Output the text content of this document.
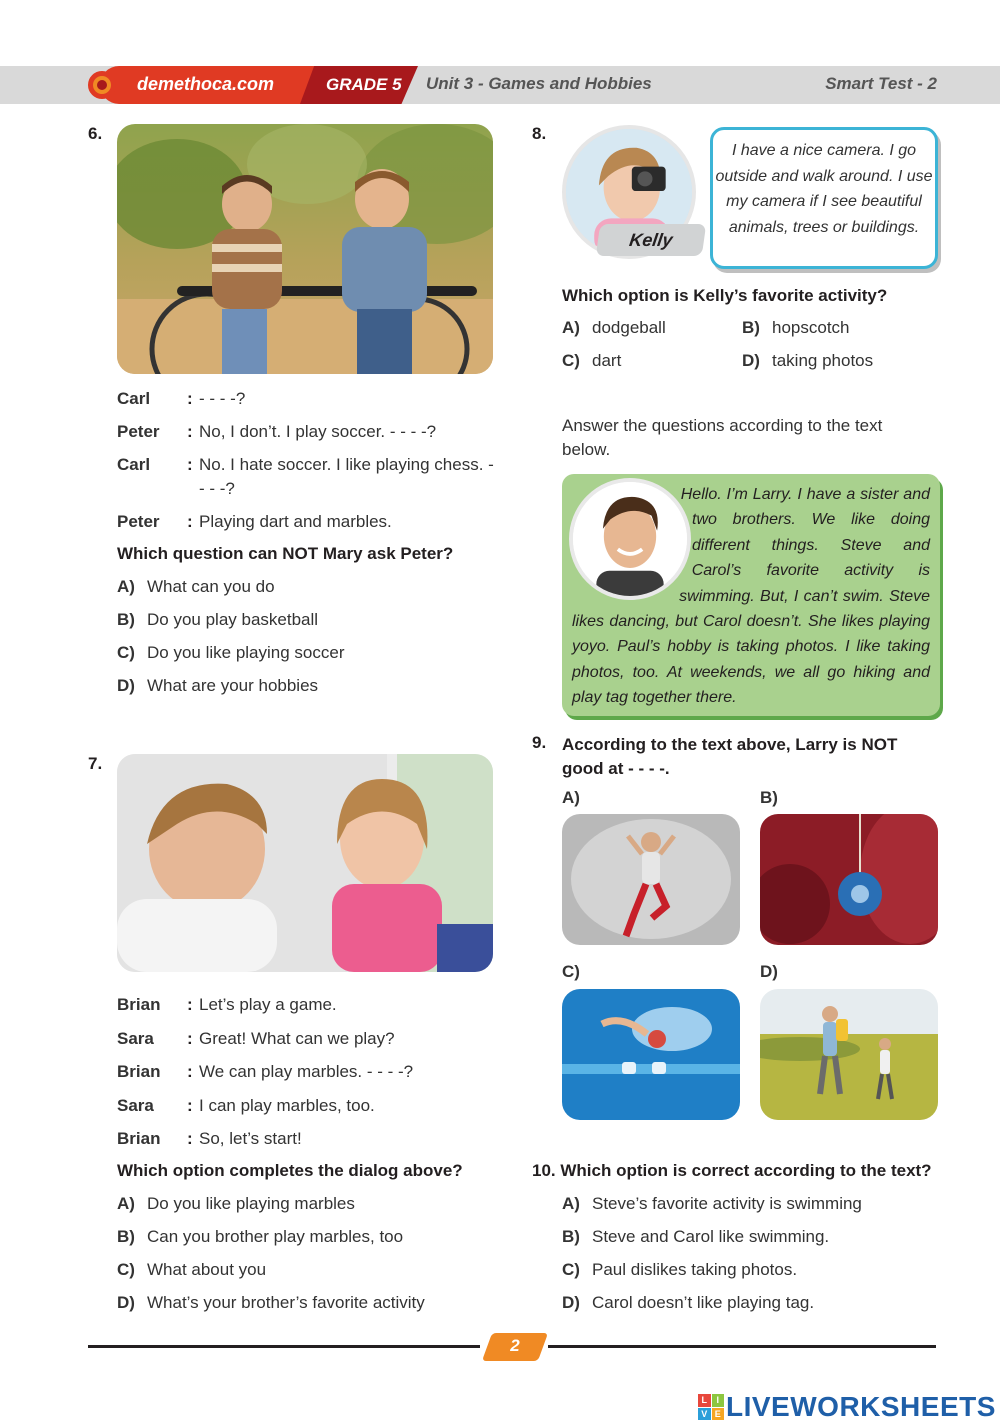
demethoca.com	GRADE 5 Unit 3 - Games and Hobbies	Smart Test - 2
6.
Carl : - - - -?
Peter : No, I don’t. I play soccer. - - - -?
Carl : No. I hate soccer. I like playing chess. - - - -?
Peter : Playing dart and marbles.
Which question can NOT Mary ask Peter?
A) What can you do
B) Do you play basketball
C) Do you like playing soccer
D) What are your hobbies
7.
Brian : Let’s play a game.
Sara : Great! What can we play?
Brian : We can play marbles. - - - -?
Sara : I can play marbles, too.
Brian : So, let’s start!
Which option completes the dialog above?
A) Do you like playing marbles
B) Can you brother play marbles, too
C) What about you
D) What’s your brother’s favorite activity
8.
Kelly
I have a nice camera. I go outside and walk around. I use my camera if I see beautiful animals, trees or buildings.
Which option is Kelly’s favorite activity?
A) dodgeball	B) hopscotch
C) dart	D) taking photos
Answer the questions according to the text below.
Hello. I’m Larry. I have a sister and two brothers. We like doing different things. Steve and Carol’s favorite activity is swimming. But, I can’t swim. Steve likes dancing, but Carol doesn’t. She likes playing yoyo. Paul’s hobby is taking photos. I like taking photos, too. At weekends, we all go hiking and play tag together there.
9. According to the text above, Larry is NOT good at - - - -.
A)	B)
C)	D)
10. Which option is correct according to the text?
A) Steve’s favorite activity is swimming
B) Steve and Carol like swimming.
C) Paul dislikes taking photos.
D) Carol doesn’t like playing tag.
2
L	I
V E LIVEWORKSHEETS
